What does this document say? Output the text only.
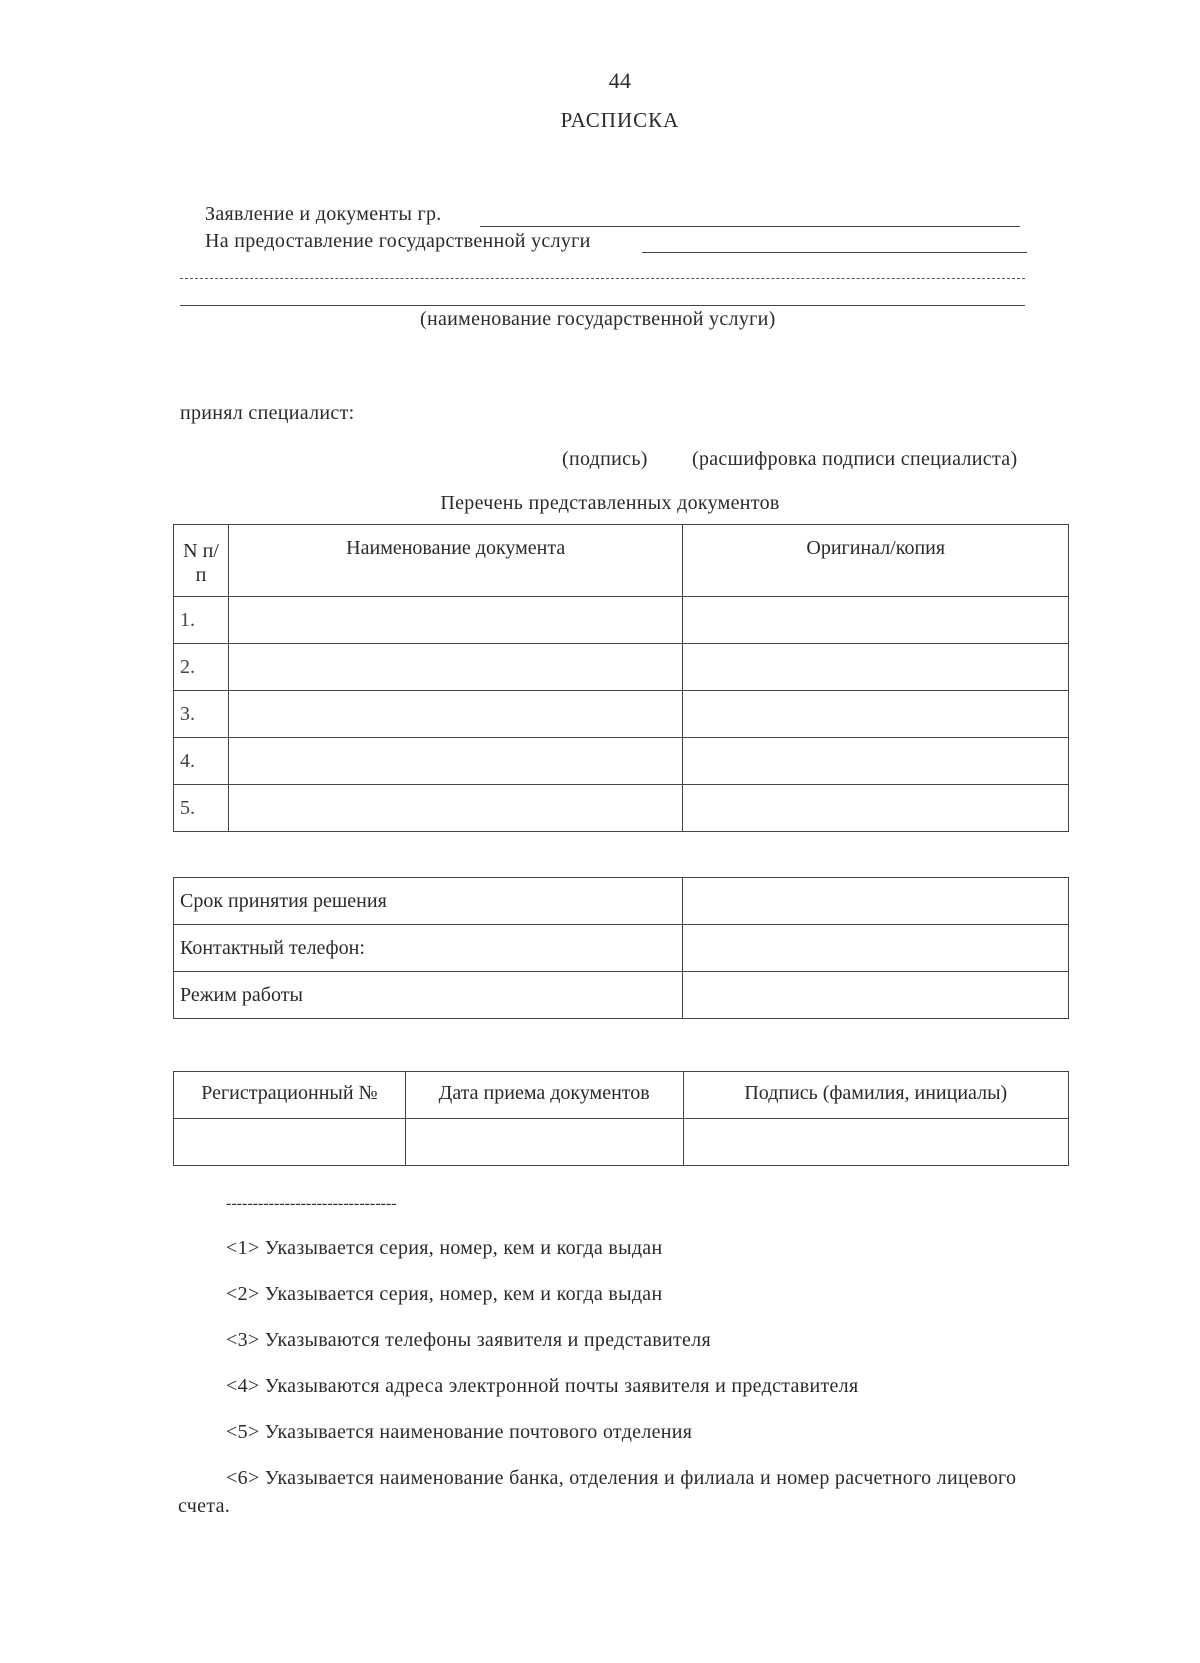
44
РАСПИСКА
Заявление и документы гр.
На предоставление государственной услуги
(наименование государственной услуги)
принял специалист:
(подпись) (расшифровка подписи специалиста)
Перечень представленных документов
N п/п	Наименование документа	Оригинал/копия
1.		
2.		
3.		
4.		
5.		
Срок принятия решения	
Контактный телефон:	
Режим работы	
Регистрационный №	Дата приема документов	Подпись (фамилия, инициалы)

--------------------------------
<1> Указывается серия, номер, кем и когда выдан
<2> Указывается серия, номер, кем и когда выдан
<3> Указываются телефоны заявителя и представителя
<4> Указываются адреса электронной почты заявителя и представителя
<5> Указывается наименование почтового отделения
<6> Указывается наименование банка, отделения и филиала и номер расчетного лицевого
счета.
